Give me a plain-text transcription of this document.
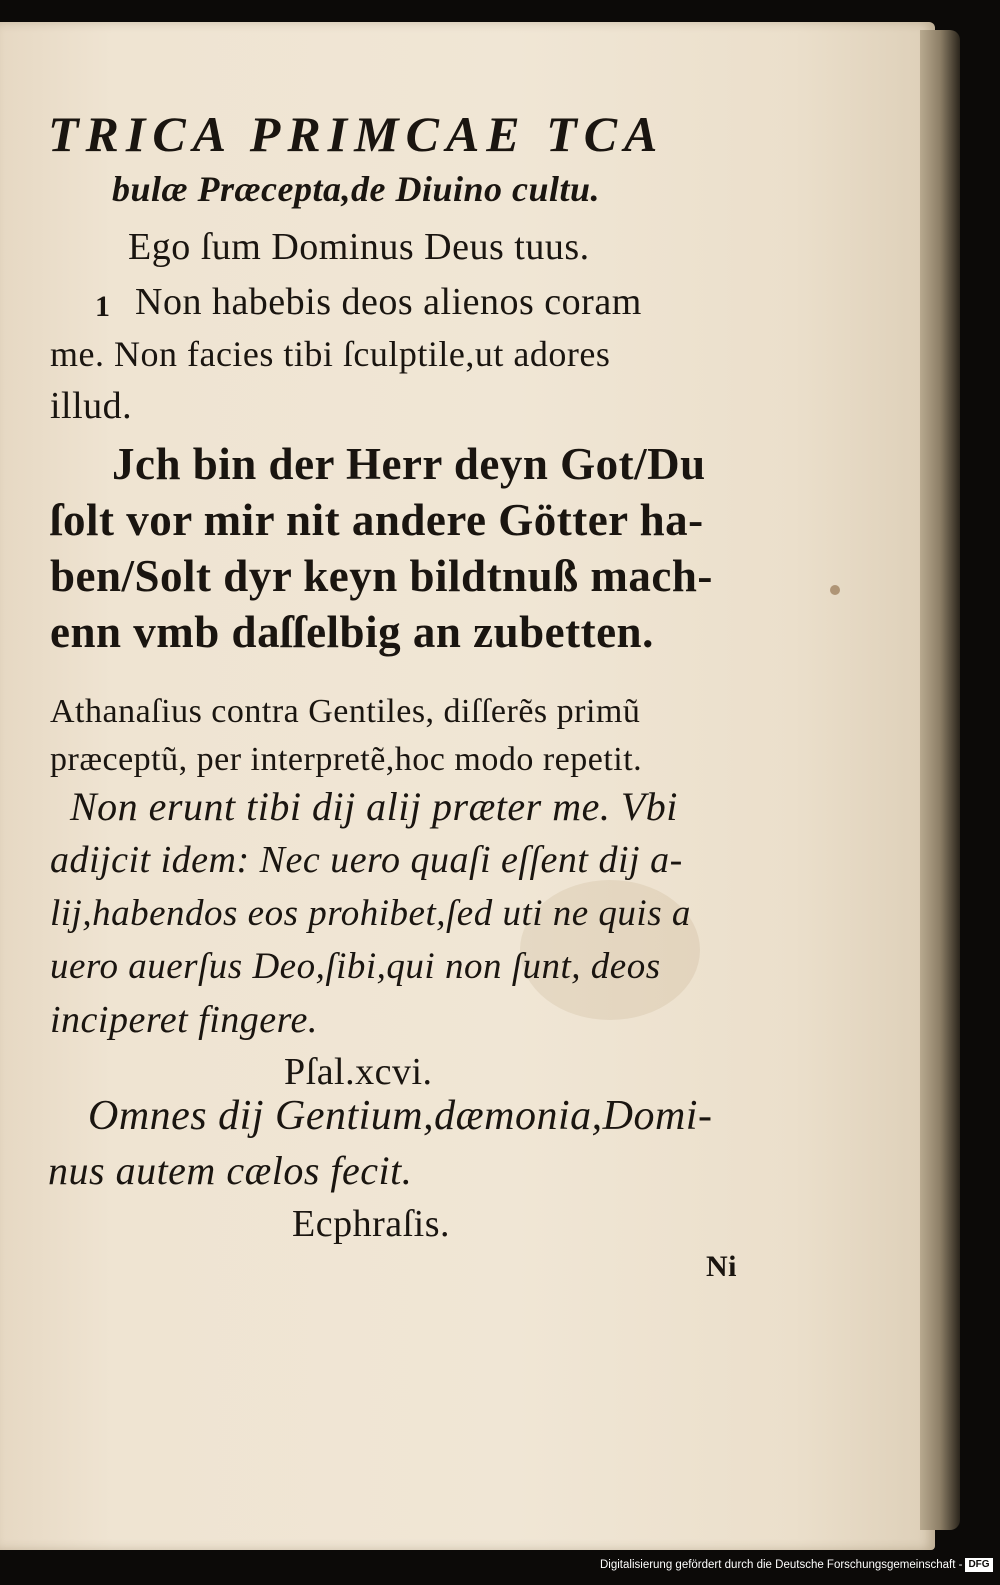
TRICA PRIMCAE TCA
bulæ Præcepta,de Diuino cultu.
Ego ſum Dominus Deus tuus.
1 Non habebis deos alienos coram
me. Non facies tibi ſculptile,ut adores
illud.
Jch bin der Herr deyn Got/Du
ſolt vor mir nit andere Götter ha-
ben/Solt dyr keyn bildtnuß mach-
enn vmb daſſelbig an zubetten.
Athanaſius contra Gentiles, diſſerẽs primũ
præceptũ, per interpretẽ,hoc modo repetit.
Non erunt tibi dij alij præter me. Vbi
adijcit idem: Nec uero quaſi eſſent dij a-
lij,habendos eos prohibet,ſed uti ne quis a
uero auerſus Deo,ſibi,qui non ſunt, deos
inciperet fingere.
Pſal.xcvi.
Omnes dij Gentium,dæmonia,Domi-
nus autem cælos fecit.
Ecphraſis.
Ni
Digitalisierung gefördert durch die Deutsche Forschungsgemeinschaft - DFG
